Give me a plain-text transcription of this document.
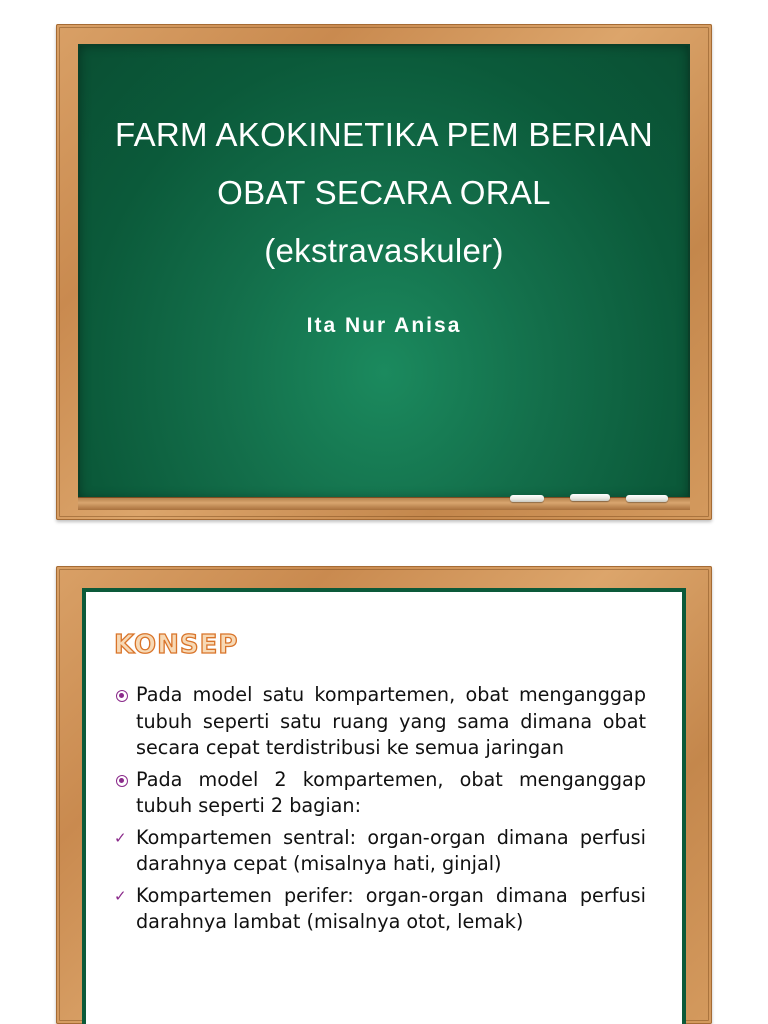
FARM AKOKINETIKA PEM BERIAN
OBAT SECARA ORAL
(ekstravaskuler)
Ita Nur Anisa
KONSEP
Pada model satu kompartemen, obat menganggap tubuh seperti satu ruang yang sama dimana obat secara cepat terdistribusi ke semua jaringan
Pada model 2 kompartemen, obat menganggap tubuh seperti 2 bagian:
✓ Kompartemen sentral: organ-organ dimana perfusi darahnya cepat (misalnya hati, ginjal)
✓ Kompartemen perifer: organ-organ dimana perfusi darahnya lambat (misalnya otot, lemak)
